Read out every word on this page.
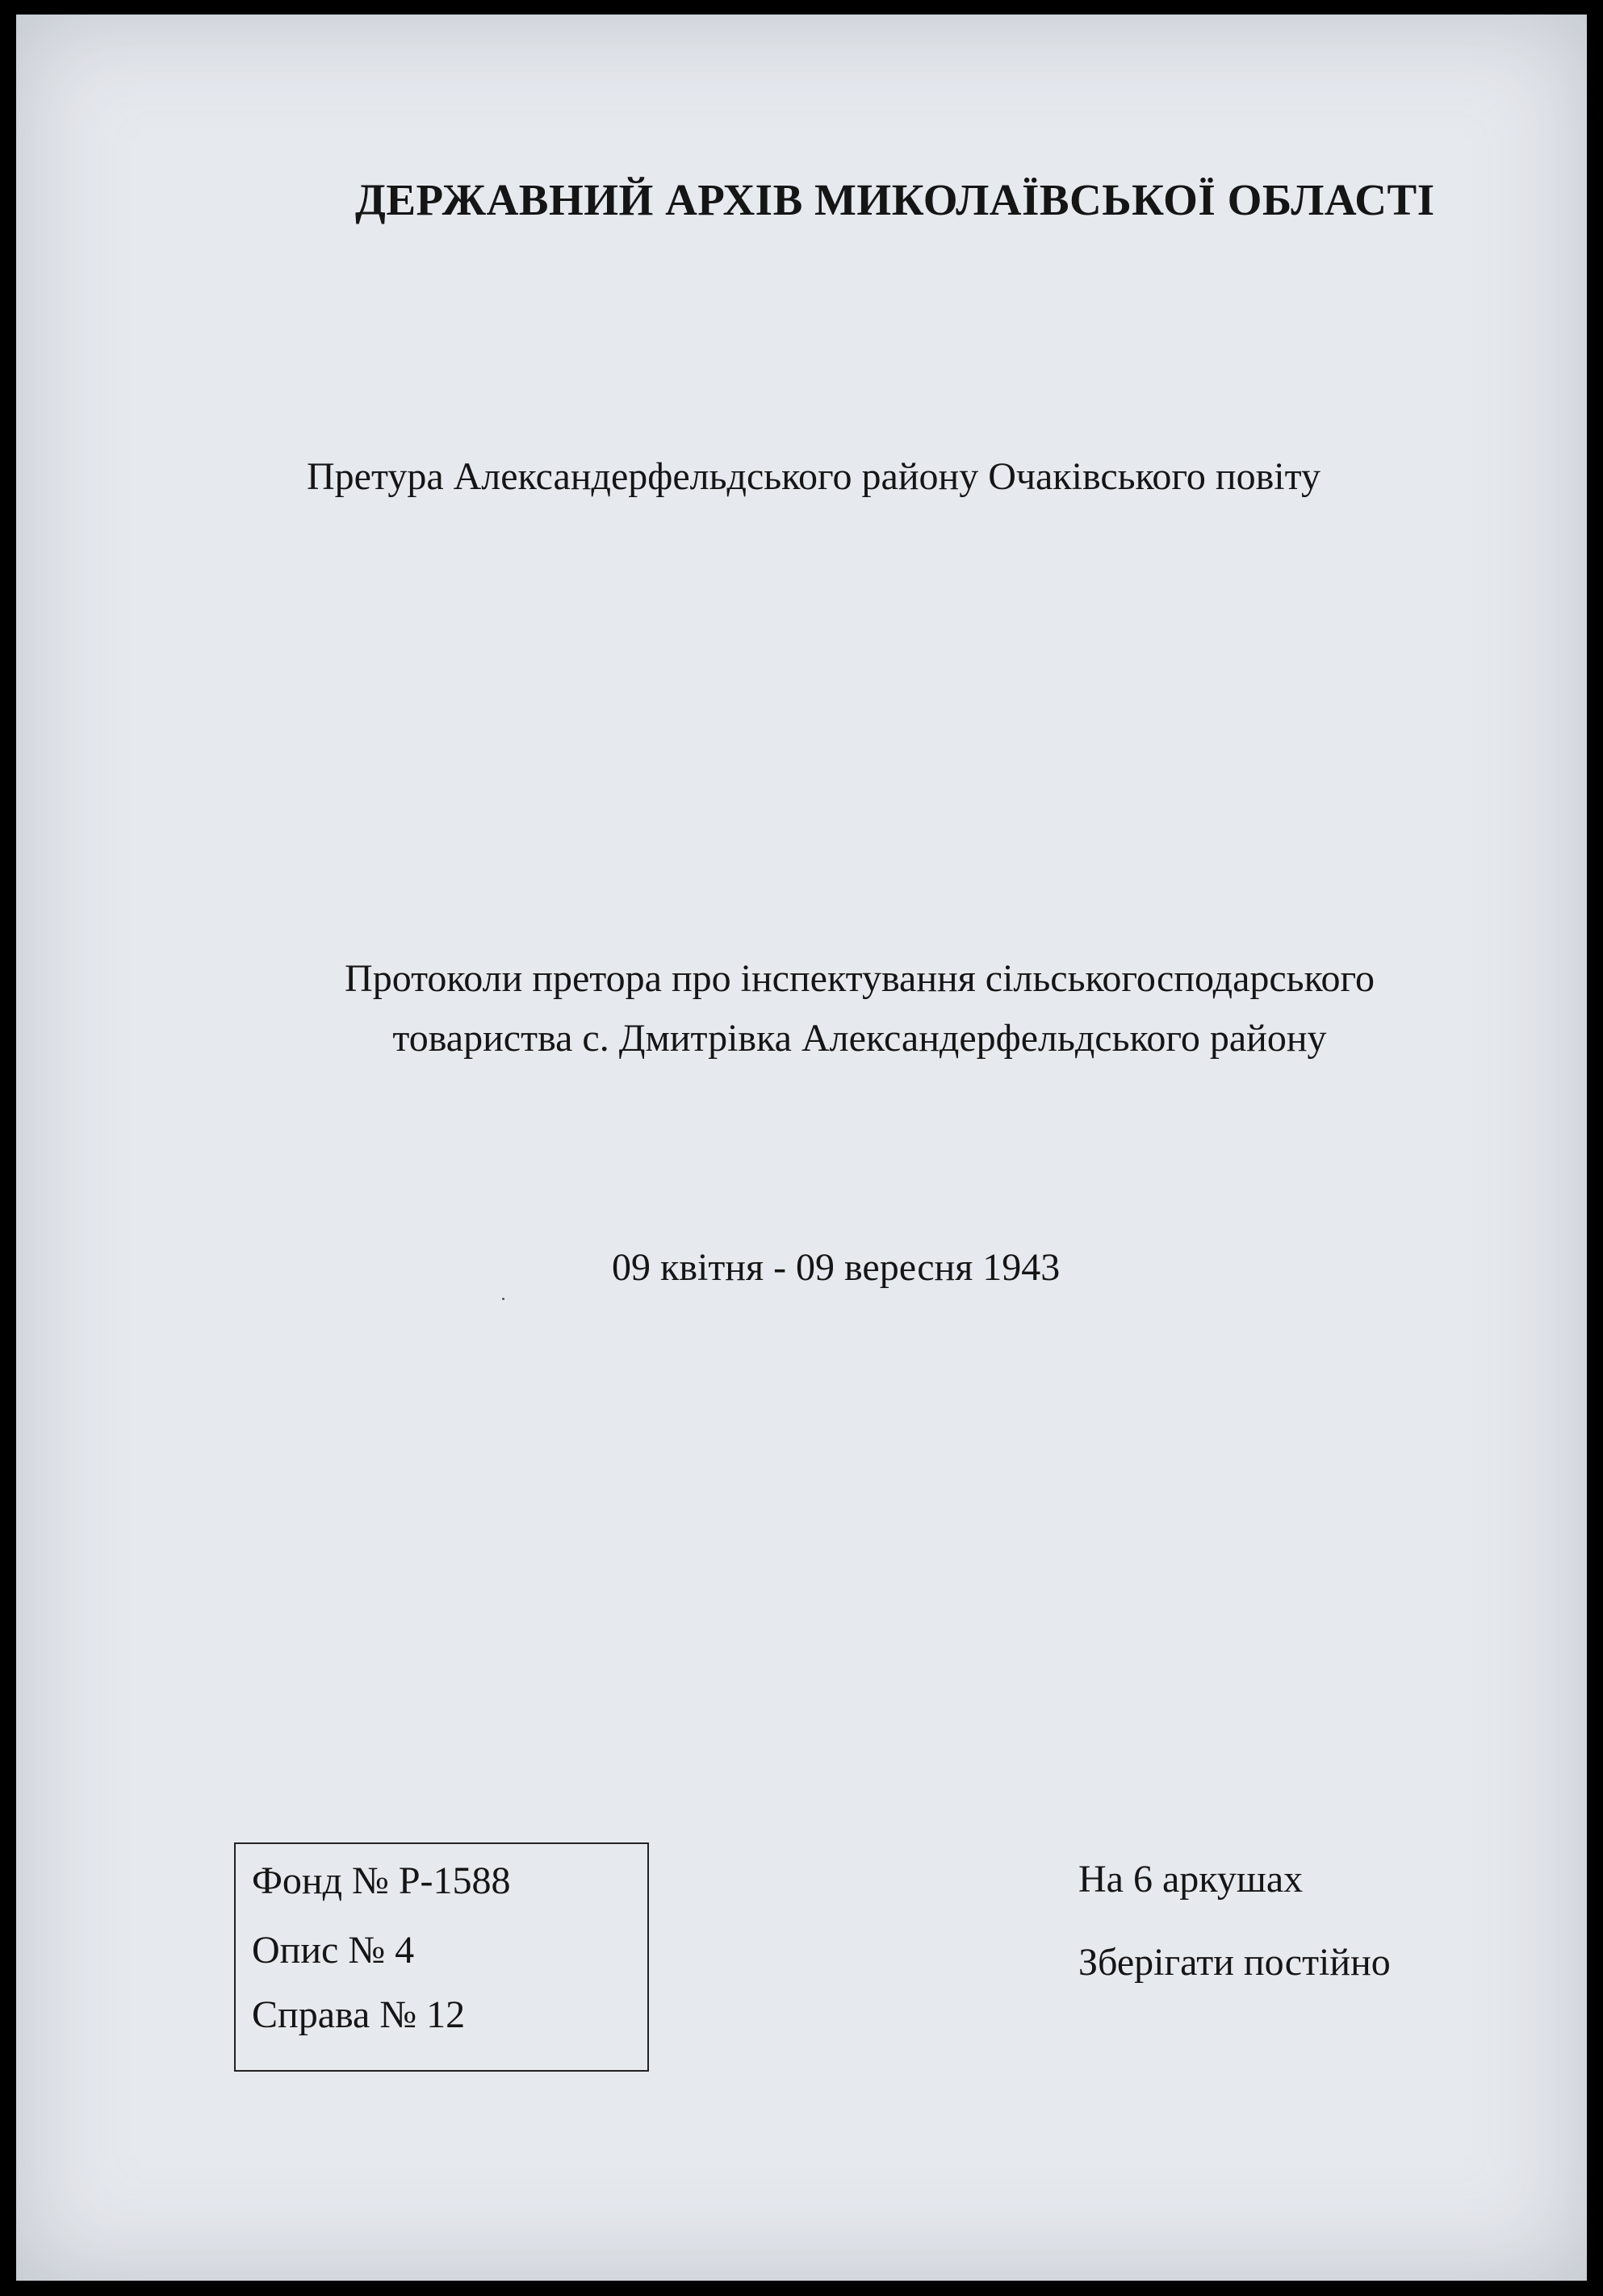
ДЕРЖАВНИЙ АРХІВ МИКОЛАЇВСЬКОЇ ОБЛАСТІ
Претура Александерфельдського району Очаківського повіту
Протоколи претора про інспектування сільськогосподарського
товариства с. Дмитрівка Александерфельдського району
09 квітня - 09 вересня 1943
Фонд № Р-1588
Опис № 4
Справа № 12
На 6 аркушах
Зберігати постійно
